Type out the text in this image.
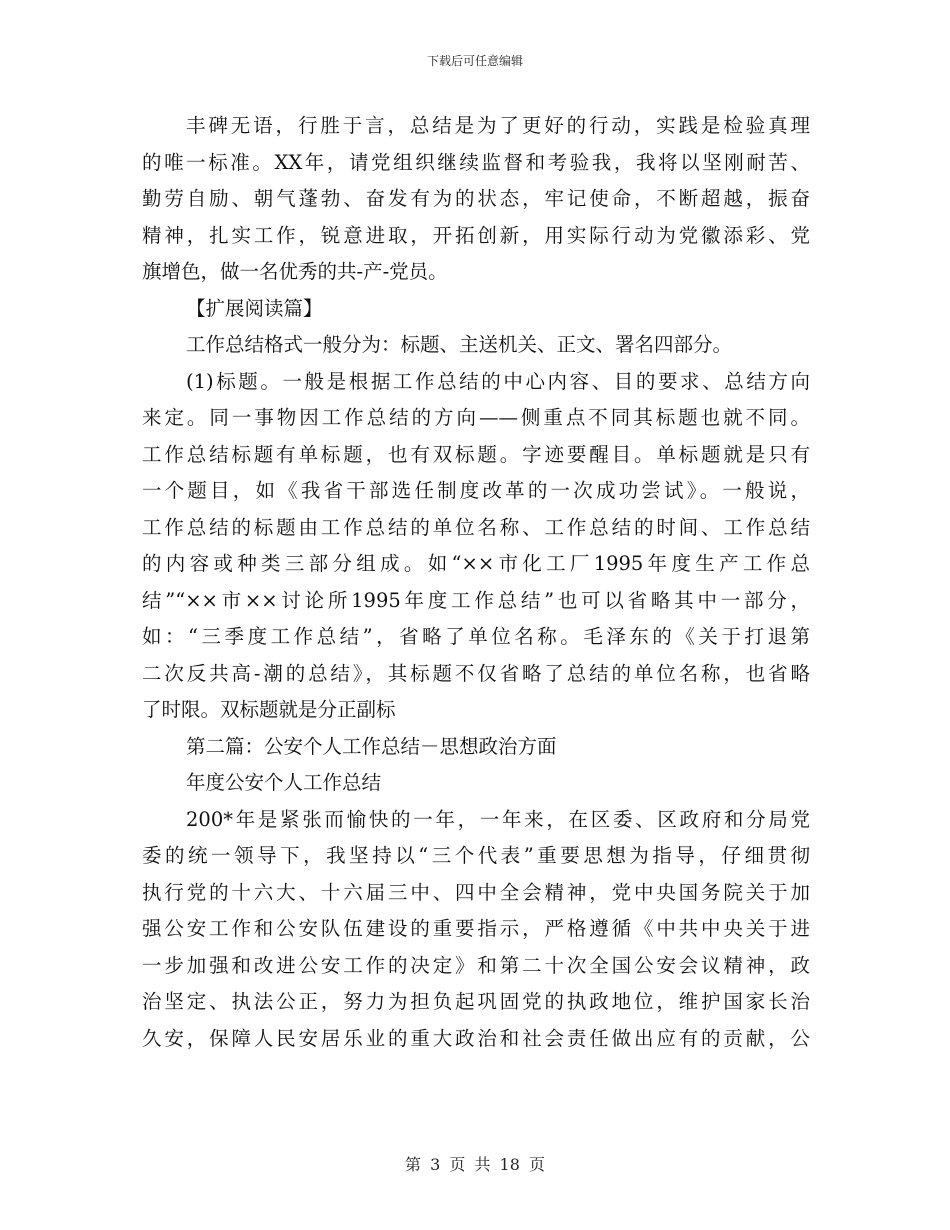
下载后可任意编辑
丰碑无语，行胜于言，总结是为了更好的行动，实践是检验真理
的唯一标准。XX年，请党组织继续监督和考验我，我将以坚刚耐苦、
勤劳自励、朝气蓬勃、奋发有为的状态，牢记使命，不断超越，振奋
精神，扎实工作，锐意进取，开拓创新，用实际行动为党徽添彩、党
旗增色，做一名优秀的共-产-党员。
【扩展阅读篇】
工作总结格式一般分为：标题、主送机关、正文、署名四部分。
(1)标题。一般是根据工作总结的中心内容、目的要求、总结方向
来定。同一事物因工作总结的方向——侧重点不同其标题也就不同。
工作总结标题有单标题，也有双标题。字迹要醒目。单标题就是只有
一个题目，如《我省干部选任制度改革的一次成功尝试》。一般说，
工作总结的标题由工作总结的单位名称、工作总结的时间、工作总结
的内容或种类三部分组成。如“××市化工厂1995年度生产工作总
结”“××市××讨论所1995年度工作总结”也可以省略其中一部分，
如：“三季度工作总结”，省略了单位名称。毛泽东的《关于打退第
二次反共高-潮的总结》，其标题不仅省略了总结的单位名称，也省略
了时限。双标题就是分正副标
第二篇：公安个人工作总结－思想政治方面
年度公安个人工作总结
200*年是紧张而愉快的一年，一年来，在区委、区政府和分局党
委的统一领导下，我坚持以“三个代表”重要思想为指导，仔细贯彻
执行党的十六大、十六届三中、四中全会精神，党中央国务院关于加
强公安工作和公安队伍建设的重要指示，严格遵循《中共中央关于进
一步加强和改进公安工作的决定》和第二十次全国公安会议精神，政
治坚定、执法公正，努力为担负起巩固党的执政地位，维护国家长治
久安，保障人民安居乐业的重大政治和社会责任做出应有的贡献，公
第 3 页 共 18 页
